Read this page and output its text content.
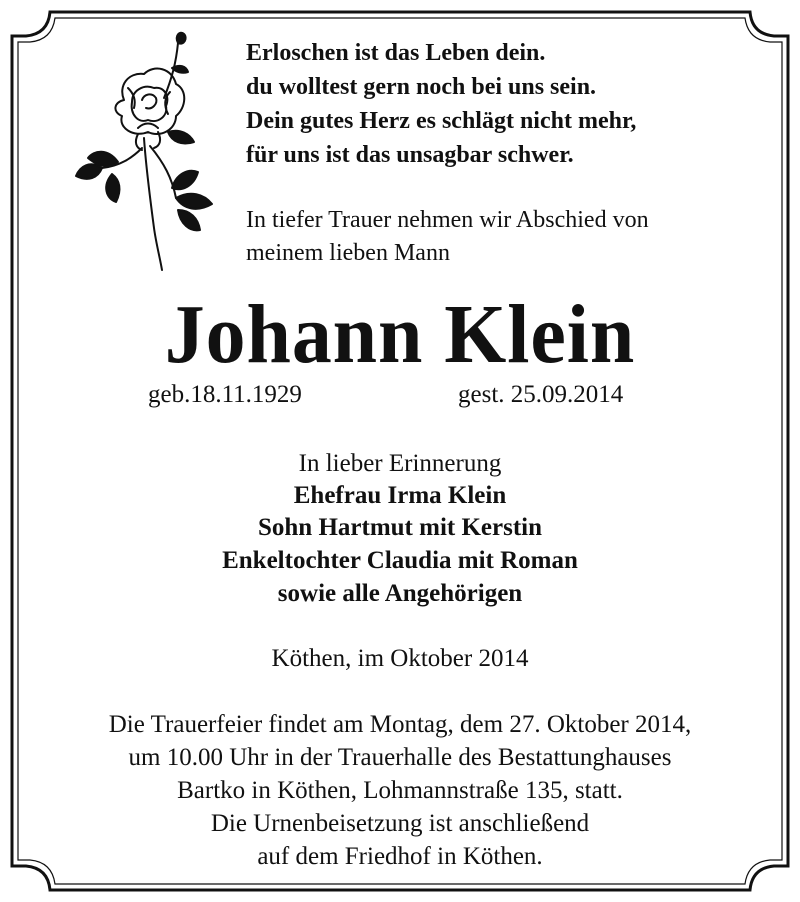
Erloschen ist das Leben dein.

du wolltest gern noch bei uns sein.

Dein gutes Herz es schlägt nicht mehr,

für uns ist das unsagbar schwer.

In tiefer Trauer nehmen wir Abschied von

meinem lieben Mann

Johann Klein

geb.18.11.1929	gest. 25.09.2014

In lieber Erinnerung

Ehefrau Irma Klein

Sohn Hartmut mit Kerstin

Enkeltochter Claudia mit Roman

sowie alle Angehörigen

Köthen, im Oktober 2014

Die Trauerfeier findet am Montag, dem 27. Oktober 2014,

um 10.00 Uhr in der Trauerhalle des Bestattunghauses

Bartko in Köthen, Lohmannstraße 135, statt.

Die Urnenbeisetzung ist anschließend

auf dem Friedhof in Köthen.
